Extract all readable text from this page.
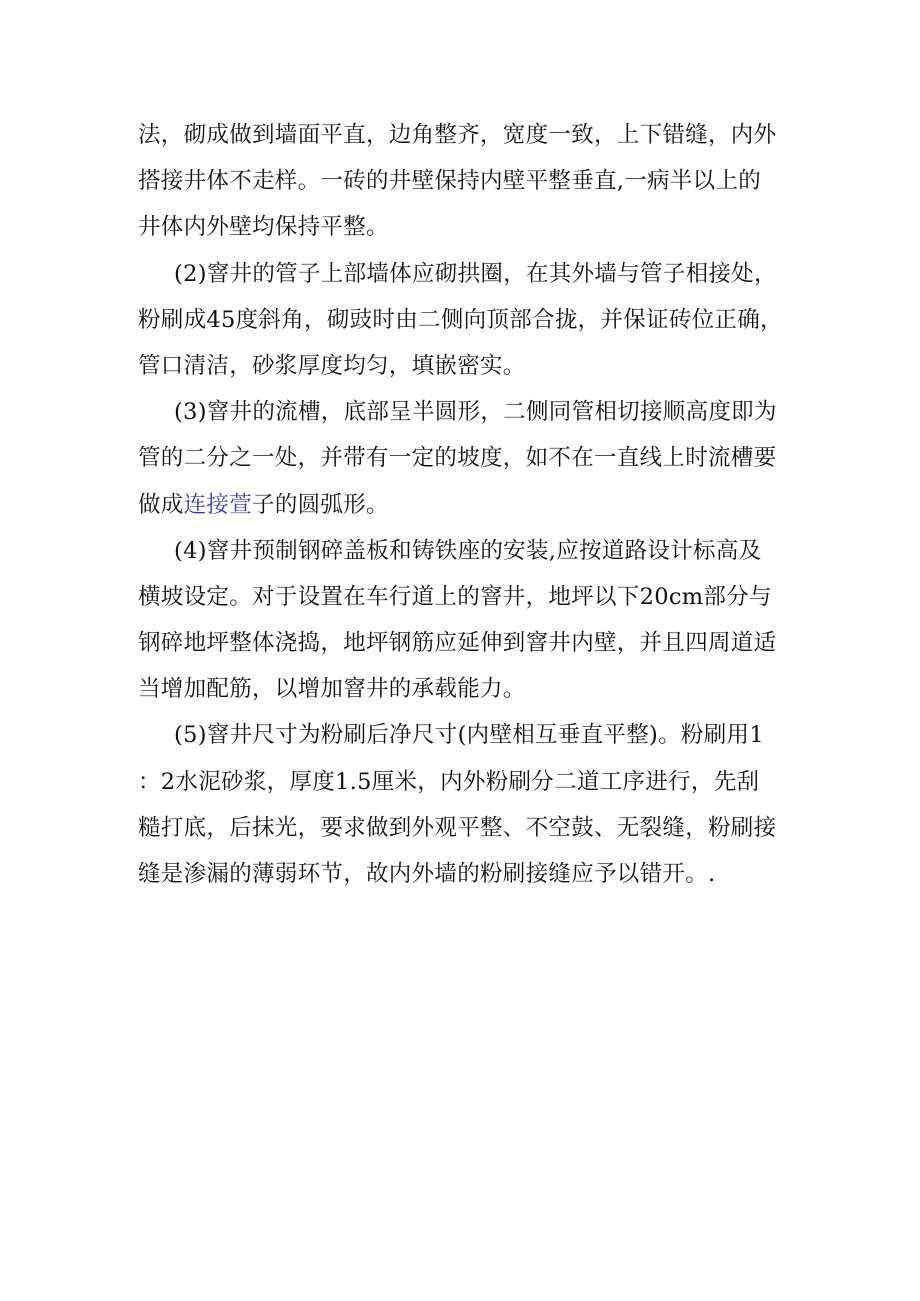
法，砌成做到墙面平直，边角整齐，宽度一致，上下错缝，内外
搭接井体不走样。一砖的井壁保持内壁平整垂直,一病半以上的
井体内外壁均保持平整。
(2)窨井的管子上部墙体应砌拱圈，在其外墙与管子相接处，
粉刷成45度斜角，砌豉时由二侧向顶部合拢，并保证砖位正确，
管口清洁，砂浆厚度均匀，填嵌密实。
(3)窨井的流槽，底部呈半圆形，二侧同管相切接顺高度即为
管的二分之一处，并带有一定的坡度，如不在一直线上时流槽要
做成连接萱子的圆弧形。
(4)窨井预制钢碎盖板和铸铁座的安装,应按道路设计标高及
横坡设定。对于设置在车行道上的窨井，地坪以下20cm部分与
钢碎地坪整体浇捣，地坪钢筋应延伸到窨井内壁，并且四周道适
当增加配筋，以增加窨井的承载能力。
(5)窨井尺寸为粉刷后净尺寸(内壁相互垂直平整)。粉刷用1
：2水泥砂浆，厚度1.5厘米，内外粉刷分二道工序进行，先刮
糙打底，后抹光，要求做到外观平整、不空鼓、无裂缝，粉刷接
缝是渗漏的薄弱环节，故内外墙的粉刷接缝应予以错开。.
